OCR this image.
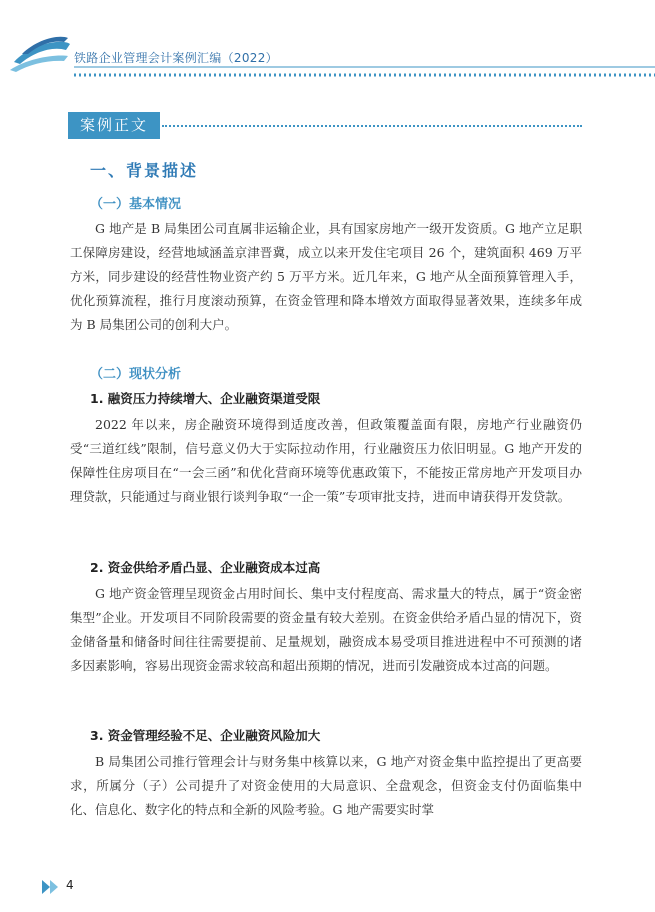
铁路企业管理会计案例汇编（2022）
案例正文
一、背景描述
（一）基本情况

G 地产是 B 局集团公司直属非运输企业，具有国家房地产一级开发资质。G 地产立足职工保障房建设，经营地域涵盖京津晋冀，成立以来开发住宅项目 26 个，建筑面积 469 万平方米，同步建设的经营性物业资产约 5 万平方米。近几年来，G 地产从全面预算管理入手，优化预算流程，推行月度滚动预算，在资金管理和降本增效方面取得显著效果，连续多年成为 B 局集团公司的创利大户。

（二）现状分析
1. 融资压力持续增大、企业融资渠道受限

2022 年以来，房企融资环境得到适度改善，但政策覆盖面有限，房地产行业融资仍受“三道红线”限制，信号意义仍大于实际拉动作用，行业融资压力依旧明显。G 地产开发的保障性住房项目在“一会三函”和优化营商环境等优惠政策下，不能按正常房地产开发项目办理贷款，只能通过与商业银行谈判争取“一企一策”专项审批支持，进而申请获得开发贷款。

2. 资金供给矛盾凸显、企业融资成本过高

G 地产资金管理呈现资金占用时间长、集中支付程度高、需求量大的特点，属于“资金密集型”企业。开发项目不同阶段需要的资金量有较大差别。在资金供给矛盾凸显的情况下，资金储备量和储备时间往往需要提前、足量规划，融资成本易受项目推进进程中不可预测的诸多因素影响，容易出现资金需求较高和超出预期的情况，进而引发融资成本过高的问题。

3. 资金管理经验不足、企业融资风险加大

B 局集团公司推行管理会计与财务集中核算以来，G 地产对资金集中监控提出了更高要求，所属分（子）公司提升了对资金使用的大局意识、全盘观念，但资金支付仍面临集中化、信息化、数字化的特点和全新的风险考验。G 地产需要实时掌

4
